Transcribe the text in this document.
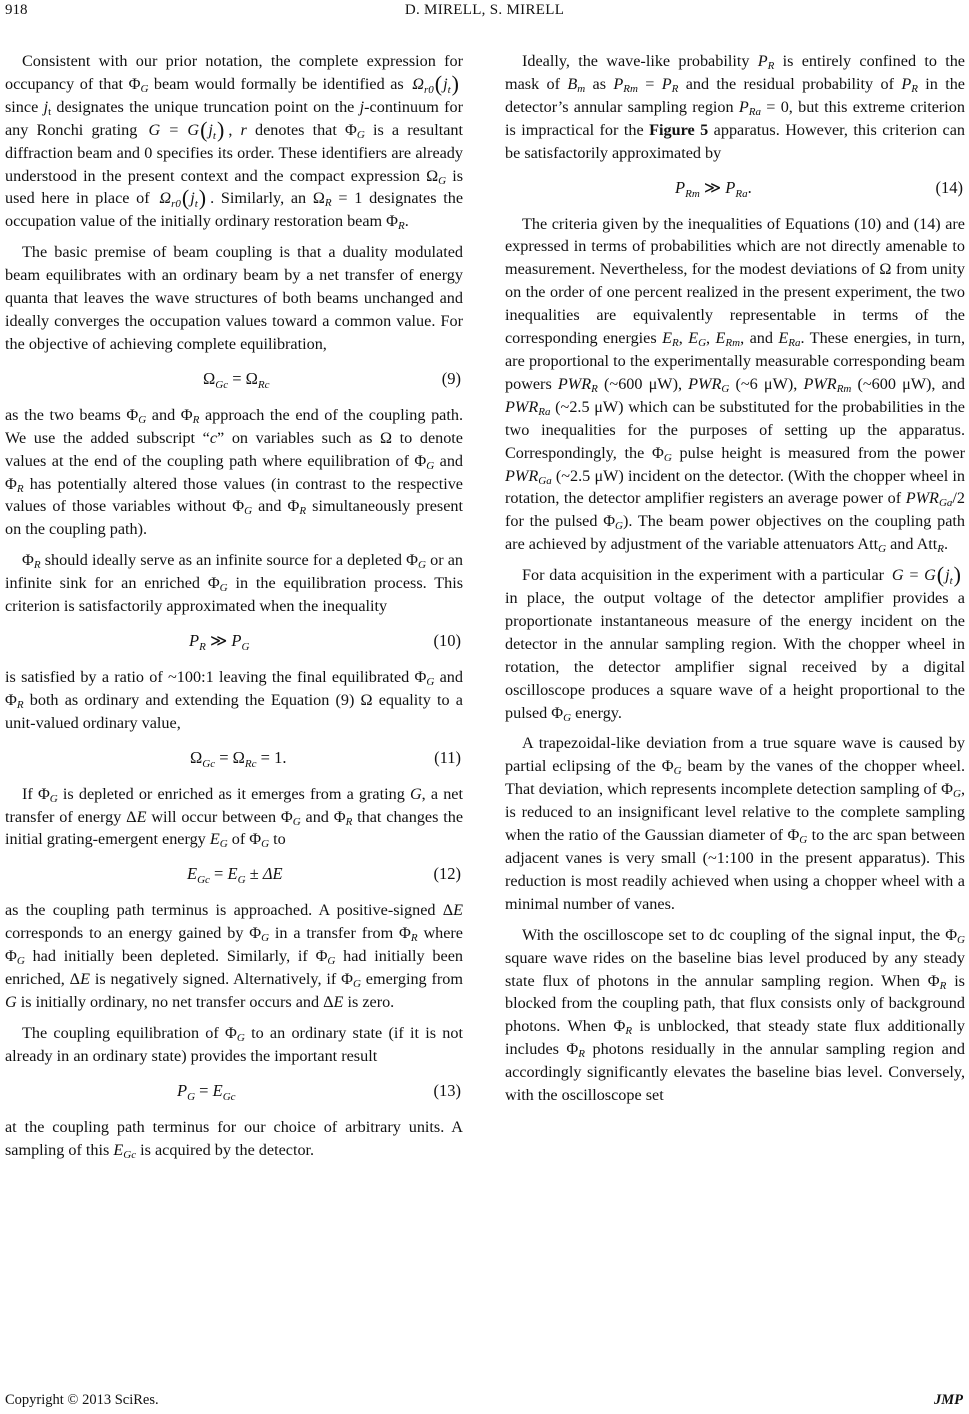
918	D. MIRELL, S. MIRELL

Consistent with our prior notation, the complete expression for occupancy of that $\Phi_G$ beam would formally be identified as $\Omega_{r0}(j_t)$ since $j_t$ designates the unique truncation point on the j-continuum for any Ronchi grating $G = G(j_t)$ , r denotes that $\Phi_G$ is a resultant diffraction beam and 0 specifies its order. These identifiers are already understood in the present context and the compact expression $\Omega_G$ is used here in place of $\Omega_{r0}(j_t)$ . Similarly, an $\Omega_R = 1$ designates the occupation value of the initially ordinary restoration beam $\Phi_R$.

The basic premise of beam coupling is that a duality modulated beam equilibrates with an ordinary beam by a net transfer of energy quanta that leaves the wave structures of both beams unchanged and ideally converges the occupation values toward a common value. For the objective of achieving complete equilibration,

$\Omega_{Gc} = \Omega_{Rc}$	(9)

as the two beams $\Phi_G$ and $\Phi_R$ approach the end of the coupling path. We use the added subscript “c” on variables such as Ω to denote values at the end of the coupling path where equilibration of $\Phi_G$ and $\Phi_R$ has potentially altered those values (in contrast to the respective values of those variables without $\Phi_G$ and $\Phi_R$ simultaneously present on the coupling path).

$\Phi_R$ should ideally serve as an infinite source for a depleted $\Phi_G$ or an infinite sink for an enriched $\Phi_G$ in the equilibration process. This criterion is satisfactorily approximated when the inequality

$P_R$ ≫ $P_G$	(10)

is satisfied by a ratio of ~100:1 leaving the final equilibrated $\Phi_G$ and $\Phi_R$ both as ordinary and extending the Equation (9) Ω equality to a unit-valued ordinary value,

$\Omega_{Gc} = \Omega_{Rc} = 1$.	(11)

If $\Phi_G$ is depleted or enriched as it emerges from a grating G, a net transfer of energy ΔE will occur between $\Phi_G$ and $\Phi_R$ that changes the initial grating-emergent energy $E_G$ of $\Phi_G$ to

$E_{Gc} = E_G \pm \Delta E$	(12)

as the coupling path terminus is approached. A positive-signed ΔE corresponds to an energy gained by $\Phi_G$ in a transfer from $\Phi_R$ where $\Phi_G$ had initially been depleted. Similarly, if $\Phi_G$ had initially been enriched, ΔE is negatively signed. Alternatively, if $\Phi_G$ emerging from G is initially ordinary, no net transfer occurs and ΔE is zero.

The coupling equilibration of $\Phi_G$ to an ordinary state (if it is not already in an ordinary state) provides the important result

$P_G = E_{Gc}$	(13)

at the coupling path terminus for our choice of arbitrary units. A sampling of this $E_{Gc}$ is acquired by the detector.

Ideally, the wave-like probability $P_R$ is entirely confined to the mask of $B_m$ as $P_{Rm} = P_R$ and the residual probability of $P_R$ in the detector’s annular sampling region $P_{Ra} = 0$, but this extreme criterion is impractical for the Figure 5 apparatus. However, this criterion can be satisfactorily approximated by

$P_{Rm}$ ≫ $P_{Ra}$.	(14)

The criteria given by the inequalities of Equations (10) and (14) are expressed in terms of probabilities which are not directly amenable to measurement. Nevertheless, for the modest deviations of Ω from unity on the order of one percent realized in the present experiment, the two inequalities are equivalently representable in terms of the corresponding energies $E_R$, $E_G$, $E_{Rm}$, and $E_{Ra}$. These energies, in turn, are proportional to the experimentally measurable corresponding beam powers $PWR_R$ (~600 μW), $PWR_G$ (~6 μW), $PWR_{Rm}$ (~600 μW), and $PWR_{Ra}$ (~2.5 μW) which can be substituted for the probabilities in the two inequalities for the purposes of setting up the apparatus. Correspondingly, the $\Phi_G$ pulse height is measured from the power $PWR_{Ga}$ (~2.5 μW) incident on the detector. (With the chopper wheel in rotation, the detector amplifier registers an average power of $PWR_{Ga}/2$ for the pulsed $\Phi_G$). The beam power objectives on the coupling path are achieved by adjustment of the variable attenuators Att$_G$ and Att$_R$.

For data acquisition in the experiment with a particular $G = G(j_t)$ in place, the output voltage of the detector amplifier provides a proportionate instantaneous measure of the energy incident on the detector in the annular sampling region. With the chopper wheel in rotation, the detector amplifier signal received by a digital oscilloscope produces a square wave of a height proportional to the pulsed $\Phi_G$ energy.

A trapezoidal-like deviation from a true square wave is caused by partial eclipsing of the $\Phi_G$ beam by the vanes of the chopper wheel. That deviation, which represents incomplete detection sampling of $\Phi_G$, is reduced to an insignificant level relative to the complete sampling when the ratio of the Gaussian diameter of $\Phi_G$ to the arc span between adjacent vanes is very small (~1:100 in the present apparatus). This reduction is most readily achieved when using a chopper wheel with a minimal number of vanes.

With the oscilloscope set to dc coupling of the signal input, the $\Phi_G$ square wave rides on the baseline bias level produced by any steady state flux of photons in the annular sampling region. When $\Phi_R$ is blocked from the coupling path, that flux consists only of background photons. When $\Phi_R$ is unblocked, that steady state flux additionally includes $\Phi_R$ photons residually in the annular sampling region and accordingly significantly elevates the baseline bias level. Conversely, with the oscilloscope set

Copyright © 2013 SciRes.	JMP
